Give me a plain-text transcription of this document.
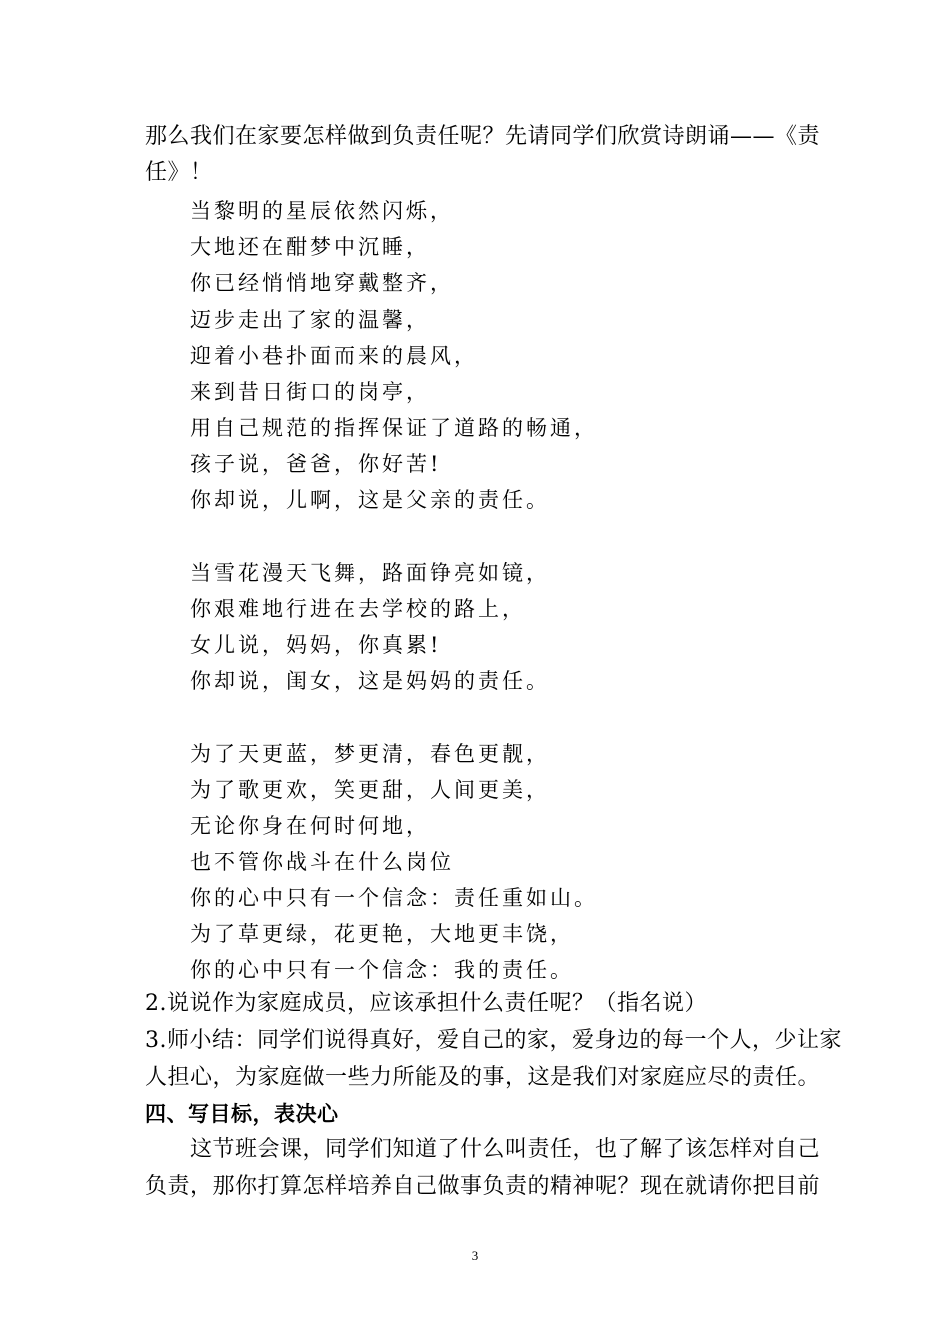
那么我们在家要怎样做到负责任呢？先请同学们欣赏诗朗诵——《责
任》！
当黎明的星辰依然闪烁，
大地还在酣梦中沉睡，
你已经悄悄地穿戴整齐，
迈步走出了家的温馨，
迎着小巷扑面而来的晨风，
来到昔日街口的岗亭，
用自己规范的指挥保证了道路的畅通，
孩子说，爸爸，你好苦!
你却说，儿啊，这是父亲的责任。
当雪花漫天飞舞，路面铮亮如镜，
你艰难地行进在去学校的路上，
女儿说，妈妈，你真累!
你却说，闺女，这是妈妈的责任。
为了天更蓝，梦更清，春色更靓，
为了歌更欢，笑更甜，人间更美，
无论你身在何时何地，
也不管你战斗在什么岗位
你的心中只有一个信念：责任重如山。
为了草更绿，花更艳，大地更丰饶，
你的心中只有一个信念：我的责任。
2.说说作为家庭成员，应该承担什么责任呢？（指名说）
3.师小结：同学们说得真好，爱自己的家，爱身边的每一个人，少让家
人担心，为家庭做一些力所能及的事，这是我们对家庭应尽的责任。
四、写目标，表决心
这节班会课，同学们知道了什么叫责任，也了解了该怎样对自己
负责，那你打算怎样培养自己做事负责的精神呢？现在就请你把目前
3
